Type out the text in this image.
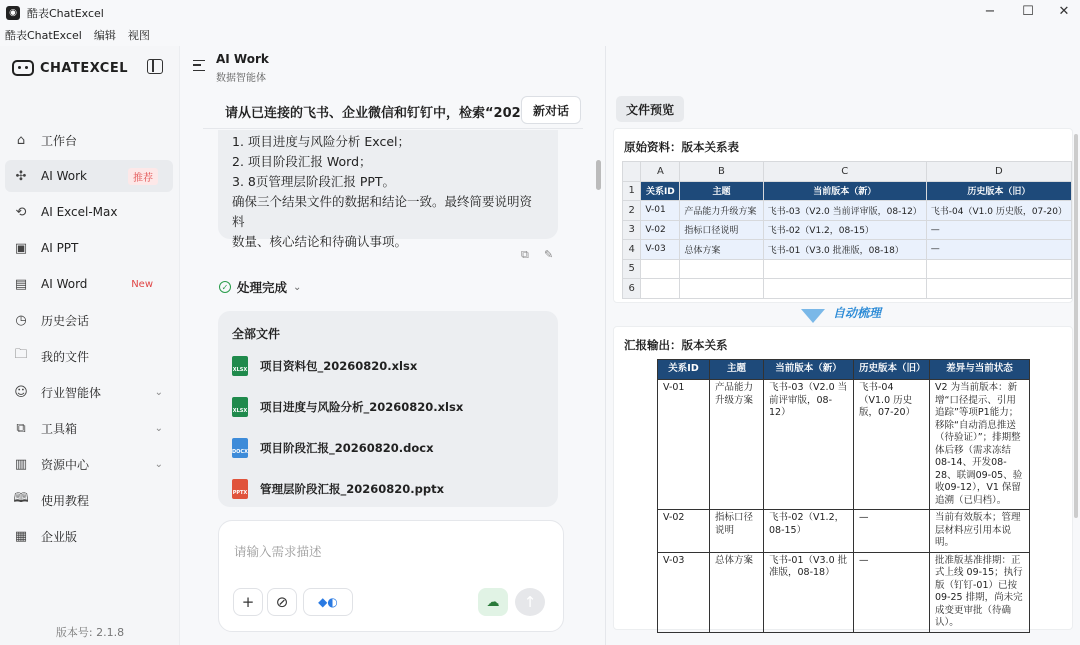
◉ 酷表ChatExcel	−	☐	✕
酷表ChatExcel 编辑 视图
CHATEXCEL
⌂	工作台
✣ AI Work	推荐
⟲ AI Excel-Max
▣ AI PPT
▤ AI Word	New
◷ 历史会话
🗀 我的文件
☺ 行业智能体	⌄
⧉ 工具箱	⌄
▥ 资源中心	⌄
🕮 使用教程
▦ 企业版
版本号: 2.1.8
AI Work
数据智能体
请从已连接的飞书、企业微信和钉钉中，检索“202	新对话
1. 项目进度与风险分析 Excel；
2. 项目阶段汇报 Word；
3. 8页管理层阶段汇报 PPT。
确保三个结果文件的数据和结论一致。最终简要说明资料
数量、核心结论和待确认事项。
⧉ ✎
✓ 处理完成 ⌄
全部文件
XLSX 项目资料包_20260820.xlsx
XLSX 项目进度与风险分析_20260820.xlsx
DOCX 项目阶段汇报_20260820.docx
PPTX 管理层阶段汇报_20260820.pptx
请输入需求描述
+	⊘	◆◐	☁	↑
文件预览
原始资料：版本关系表
	A	B	C	D
1	关系ID	主题	当前版本（新）	历史版本（旧）
2	V-01	产品能力升级方案	飞书-03（V2.0 当前评审版，08-12）	飞书-04（V1.0 历史版，07-20）
3	V-02	指标口径说明	飞书-02（V1.2，08-15）	—
4	V-03	总体方案	飞书-01（V3.0 批准版，08-18）	—
5				
6				
自动梳理
汇报输出：版本关系
关系ID	主题	当前版本（新）	历史版本（旧）	差异与当前状态
V-01	产品能力升级方案	飞书-03（V2.0 当前评审版，08-12）	飞书-04（V1.0 历史版，07-20）	V2 为当前版本：新增“口径提示、引用追踪”等项P1能力；移除“自动消息推送（待验证）”；排期整体后移（需求冻结08-14、开发08-28、联调09-05、验收09-12），V1 保留追溯（已归档）。
V-02	指标口径说明	飞书-02（V1.2，08-15）	—	当前有效版本；管理层材料应引用本说明。
V-03	总体方案	飞书-01（V3.0 批准版，08-18）	—	批准版基准排期：正式上线 09-15；执行版（钉钉-01）已按 09-25 排期，尚未完成变更审批（待确认）。
